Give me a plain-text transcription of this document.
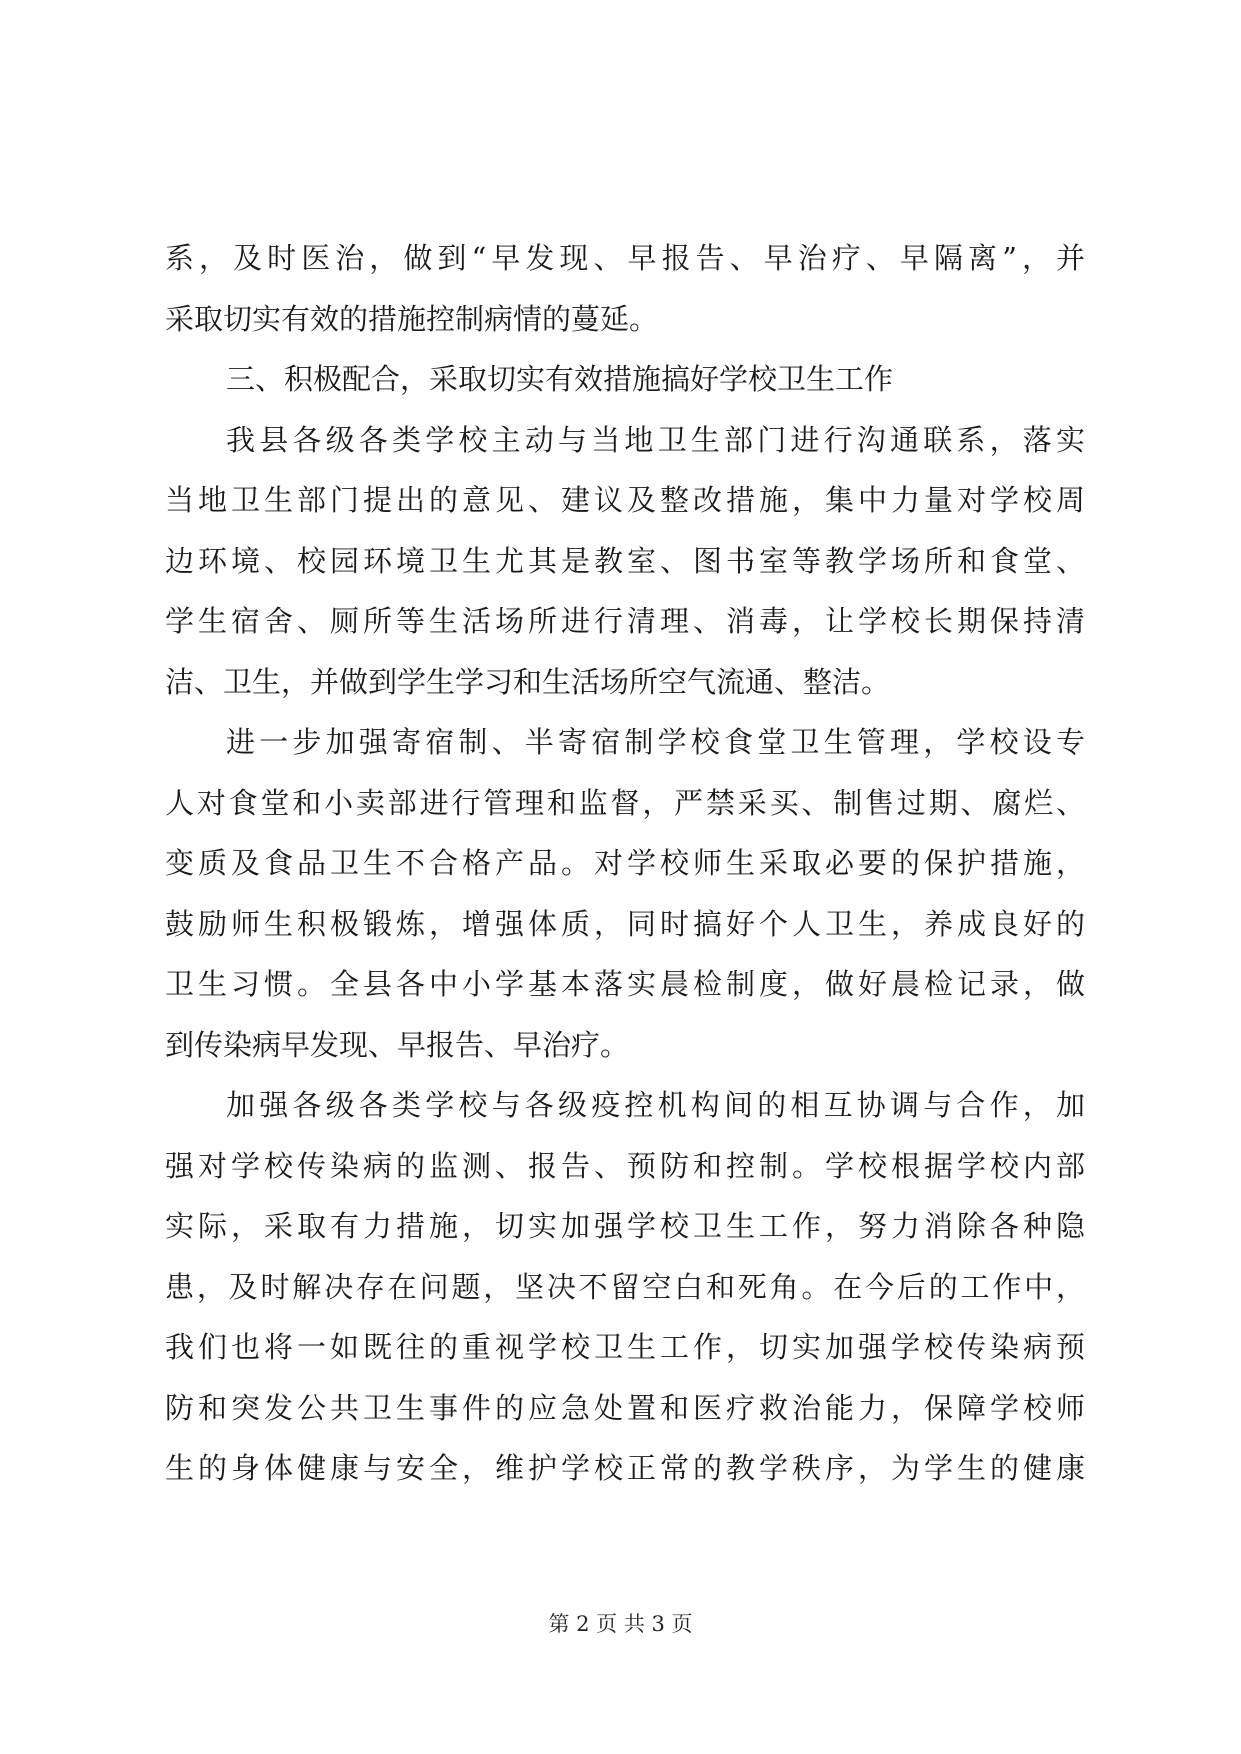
系，及时医治，做到“早发现、早报告、早治疗、早隔离”，并
采取切实有效的措施控制病情的蔓延。
三、积极配合，采取切实有效措施搞好学校卫生工作
我县各级各类学校主动与当地卫生部门进行沟通联系，落实
当地卫生部门提出的意见、建议及整改措施，集中力量对学校周
边环境、校园环境卫生尤其是教室、图书室等教学场所和食堂、
学生宿舍、厕所等生活场所进行清理、消毒，让学校长期保持清
洁、卫生，并做到学生学习和生活场所空气流通、整洁。
进一步加强寄宿制、半寄宿制学校食堂卫生管理，学校设专
人对食堂和小卖部进行管理和监督，严禁采买、制售过期、腐烂、
变质及食品卫生不合格产品。对学校师生采取必要的保护措施，
鼓励师生积极锻炼，增强体质，同时搞好个人卫生，养成良好的
卫生习惯。全县各中小学基本落实晨检制度，做好晨检记录，做
到传染病早发现、早报告、早治疗。
加强各级各类学校与各级疫控机构间的相互协调与合作，加
强对学校传染病的监测、报告、预防和控制。学校根据学校内部
实际，采取有力措施，切实加强学校卫生工作，努力消除各种隐
患，及时解决存在问题，坚决不留空白和死角。在今后的工作中，
我们也将一如既往的重视学校卫生工作，切实加强学校传染病预
防和突发公共卫生事件的应急处置和医疗救治能力，保障学校师
生的身体健康与安全，维护学校正常的教学秩序，为学生的健康
第 2 页 共 3 页
